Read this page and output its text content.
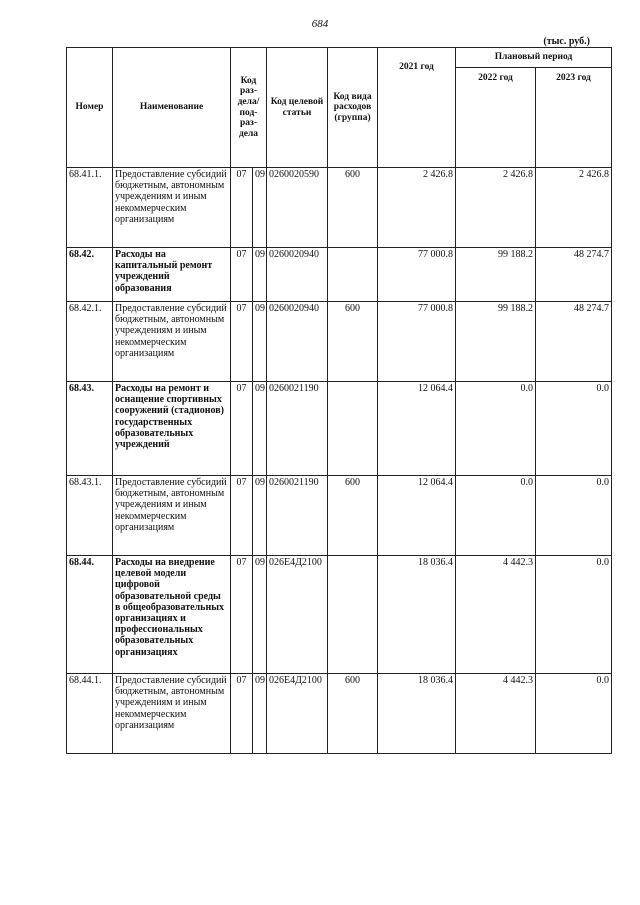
684
(тыс. руб.)
Номер	Наименование	Код раз- дела/ под- раз- дела		Код целевой статьи	Код вида расходов (группа)	2021 год	Плановый период	
							2022 год	2023 год
68.41.1.	Предоставление субсидий бюджетным, автономным учреждениям и иным некоммерческим организациям	07	09	0260020590	600	2 426.8	2 426.8	2 426.8
68.42.	Расходы на капитальный ремонт учреждений образования	07	09	0260020940		77 000.8	99 188.2	48 274.7
68.42.1.	Предоставление субсидий бюджетным, автономным учреждениям и иным некоммерческим организациям	07	09	0260020940	600	77 000.8	99 188.2	48 274.7
68.43.	Расходы на ремонт и оснащение спортивных сооружений (стадионов) государственных образовательных учреждений	07	09	0260021190		12 064.4	0.0	0.0
68.43.1.	Предоставление субсидий бюджетным, автономным учреждениям и иным некоммерческим организациям	07	09	0260021190	600	12 064.4	0.0	0.0
68.44.	Расходы на внедрение целевой модели цифровой образовательной среды в общеобразовательных организациях и профессиональных образовательных организациях	07	09	026Е4Д2100		18 036.4	4 442.3	0.0
68.44.1.	Предоставление субсидий бюджетным, автономным учреждениям и иным некоммерческим организациям	07	09	026Е4Д2100	600	18 036.4	4 442.3	0.0
